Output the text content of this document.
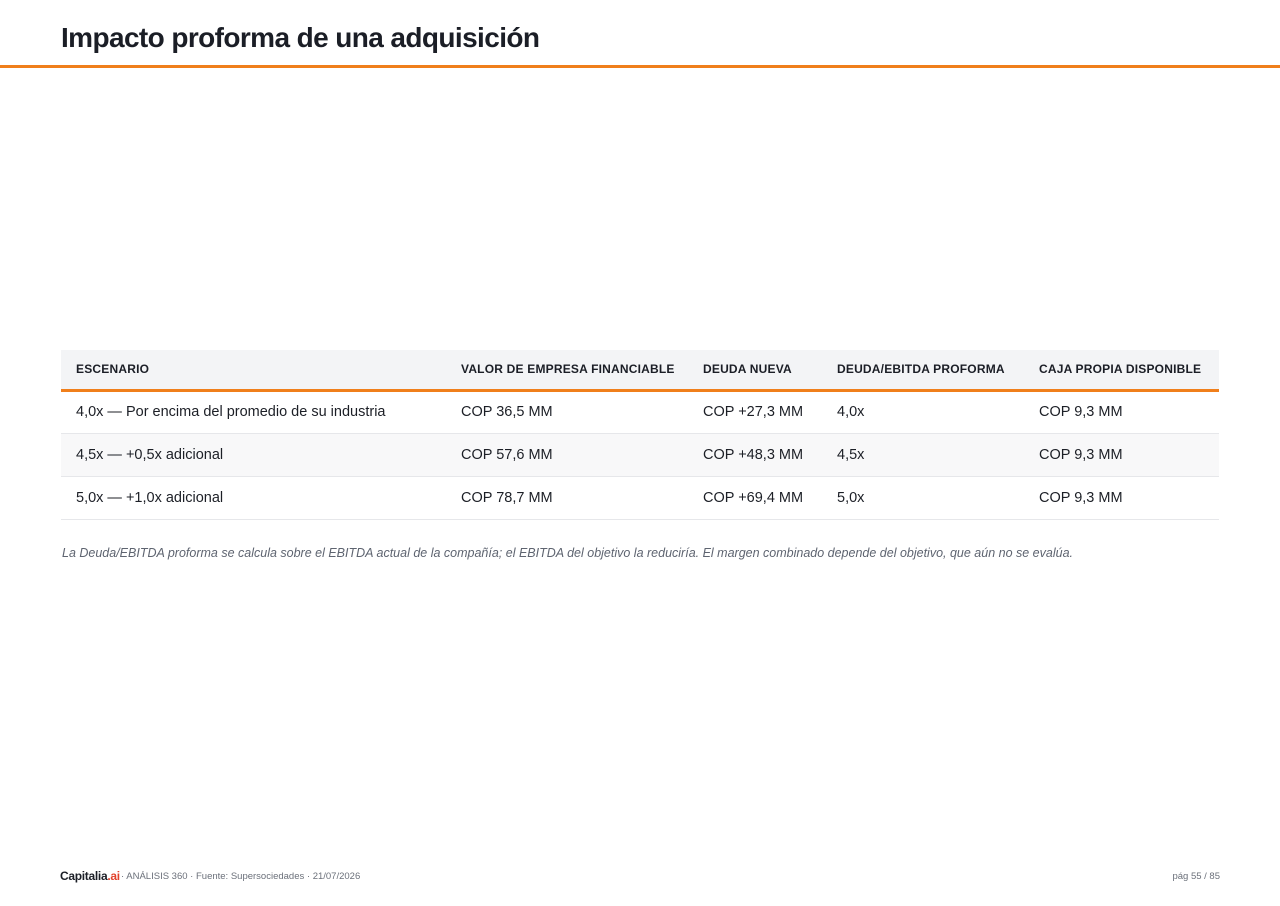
Impacto proforma de una adquisición
ESCENARIO	VALOR DE EMPRESA FINANCIABLE	DEUDA NUEVA	DEUDA/EBITDA PROFORMA	CAJA PROPIA DISPONIBLE
4,0x — Por encima del promedio de su industria	COP 36,5 MM	COP +27,3 MM	4,0x	COP 9,3 MM
4,5x — +0,5x adicional	COP 57,6 MM	COP +48,3 MM	4,5x	COP 9,3 MM
5,0x — +1,0x adicional	COP 78,7 MM	COP +69,4 MM	5,0x	COP 9,3 MM

La Deuda/EBITDA proforma se calcula sobre el EBITDA actual de la compañía; el EBITDA del objetivo la reduciría. El margen combinado depende del objetivo, que aún no se evalúa.

Capitalia.ai · ANÁLISIS 360 · Fuente: Supersociedades · 21/07/2026	pág 55 / 85
